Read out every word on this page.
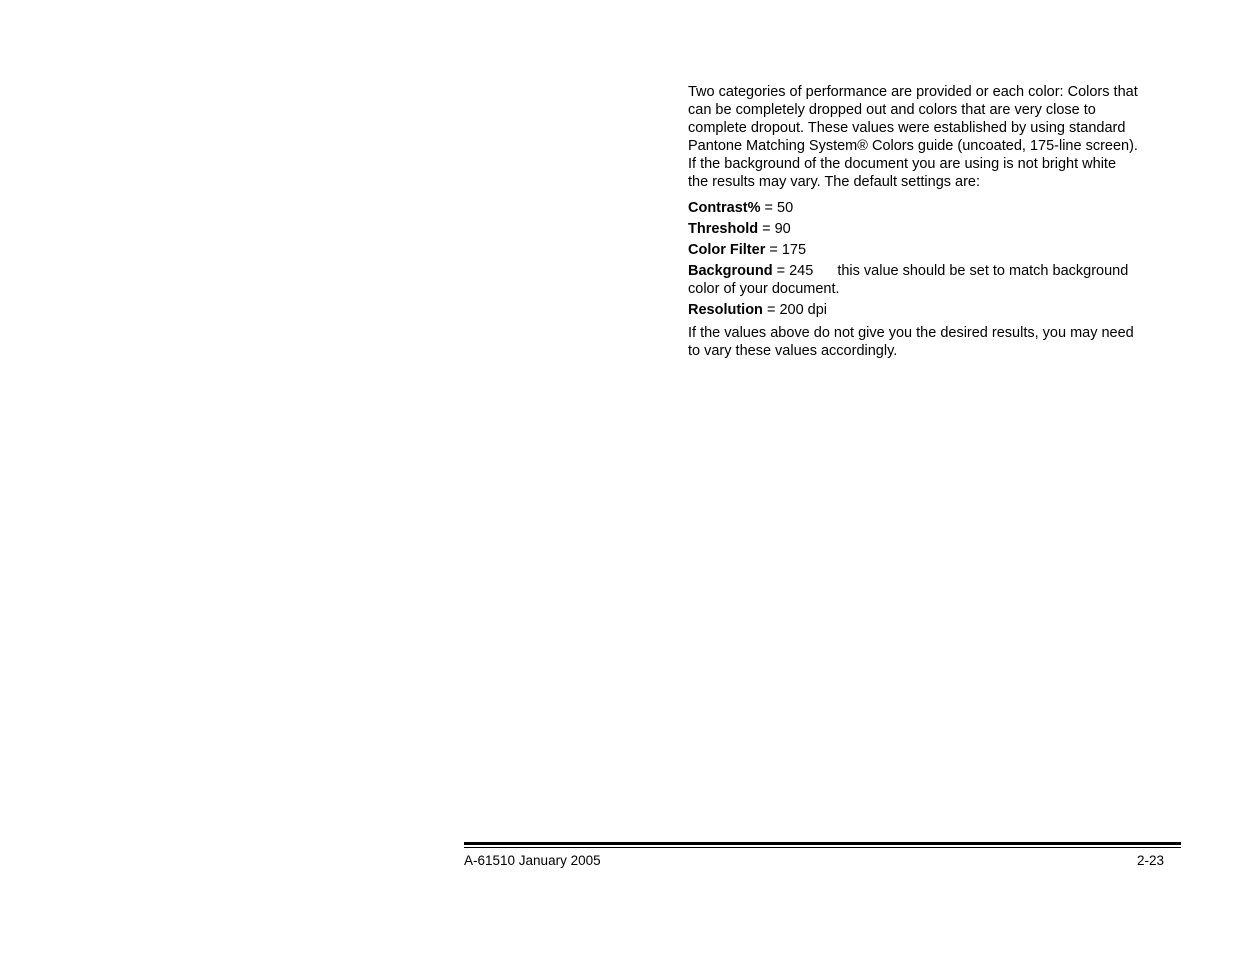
Two categories of performance are provided or each color: Colors that can be completely dropped out and colors that are very close to complete dropout. These values were established by using standard Pantone Matching System® Colors guide (uncoated, 175-line screen). If the background of the document you are using is not bright white the results may vary. The default settings are:

Contrast% = 50
Threshold = 90
Color Filter = 175
Background = 245 this value should be set to match background color of your document.
Resolution = 200 dpi

If the values above do not give you the desired results, you may need to vary these values accordingly.

A-61510 January 2005	2-23
